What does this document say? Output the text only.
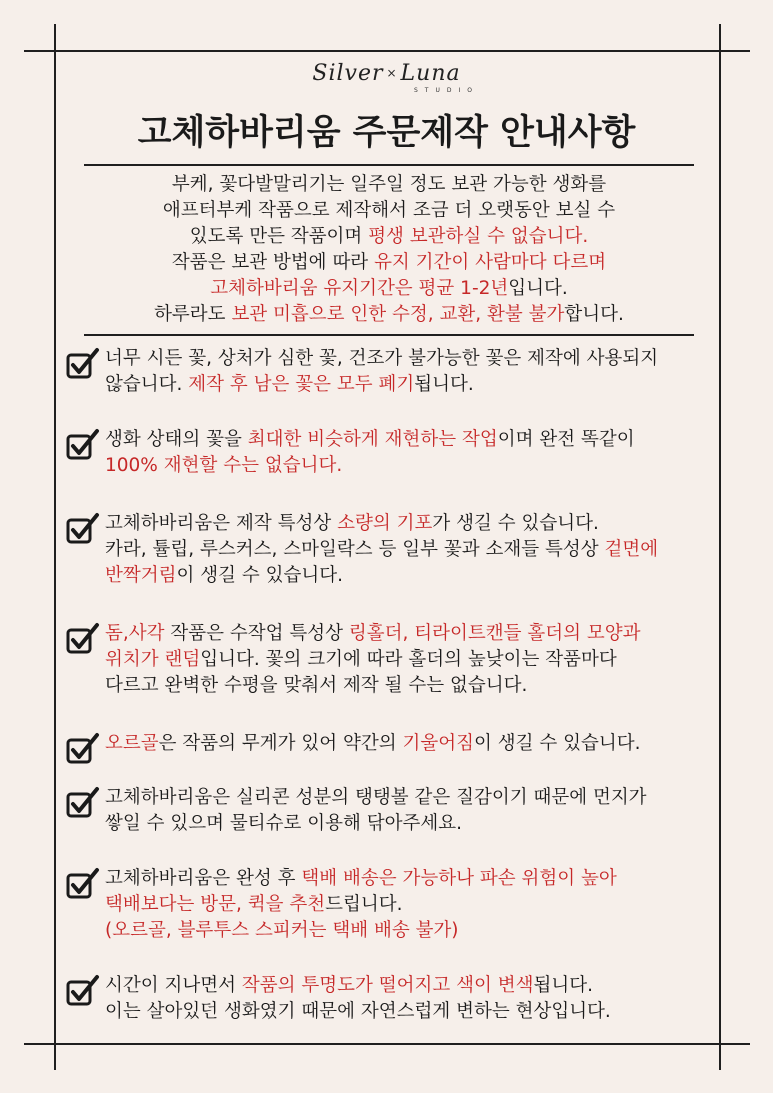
Silver × Luna
STUDIO
고체하바리움 주문제작 안내사항
부케, 꽃다발말리기는 일주일 정도 보관 가능한 생화를
애프터부케 작품으로 제작해서 조금 더 오랫동안 보실 수
있도록 만든 작품이며 평생 보관하실 수 없습니다.
작품은 보관 방법에 따라 유지 기간이 사람마다 다르며
고체하바리움 유지기간은 평균 1-2년입니다.
하루라도 보관 미흡으로 인한 수정, 교환, 환불 불가합니다.
너무 시든 꽃, 상처가 심한 꽃, 건조가 불가능한 꽃은 제작에 사용되지
않습니다. 제작 후 남은 꽃은 모두 폐기됩니다.
생화 상태의 꽃을 최대한 비슷하게 재현하는 작업이며 완전 똑같이
100% 재현할 수는 없습니다.
고체하바리움은 제작 특성상 소량의 기포가 생길 수 있습니다.
카라, 튤립, 루스커스, 스마일락스 등 일부 꽃과 소재들 특성상 겉면에
반짝거림이 생길 수 있습니다.
돔,사각 작품은 수작업 특성상 링홀더, 티라이트캔들 홀더의 모양과
위치가 랜덤입니다. 꽃의 크기에 따라 홀더의 높낮이는 작품마다
다르고 완벽한 수평을 맞춰서 제작 될 수는 없습니다.
오르골은 작품의 무게가 있어 약간의 기울어짐이 생길 수 있습니다.
고체하바리움은 실리콘 성분의 탱탱볼 같은 질감이기 때문에 먼지가
쌓일 수 있으며 물티슈로 이용해 닦아주세요.
고체하바리움은 완성 후 택배 배송은 가능하나 파손 위험이 높아
택배보다는 방문, 퀵을 추천드립니다.
(오르골, 블루투스 스피커는 택배 배송 불가)
시간이 지나면서 작품의 투명도가 떨어지고 색이 변색됩니다.
이는 살아있던 생화였기 때문에 자연스럽게 변하는 현상입니다.
